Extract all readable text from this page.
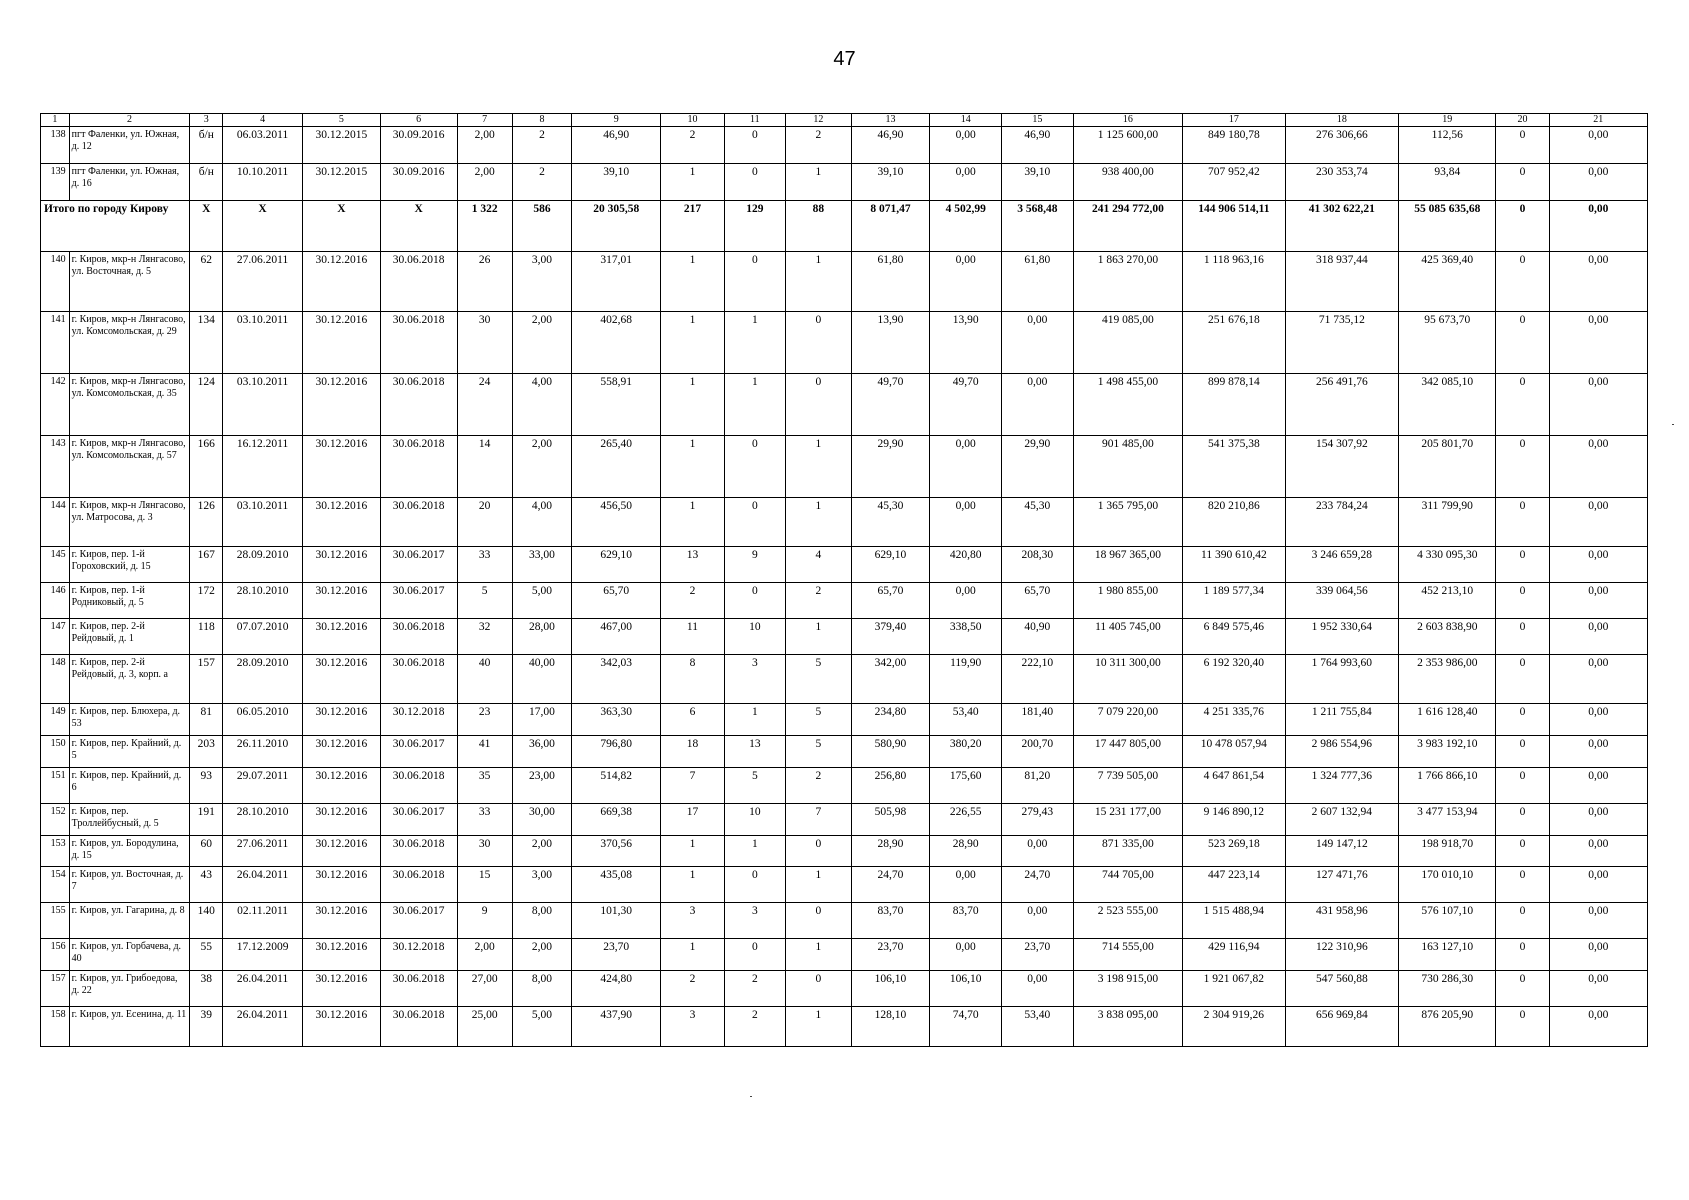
47
1	2	3	4	5	6	7	8	9	10	11	12	13	14	15	16	17	18	19	20	21
138	пгт Фаленки, ул. Южная, д. 12	б/н	06.03.2011	30.12.2015	30.09.2016	2,00	2	46,90	2	0	2	46,90	0,00	46,90	1 125 600,00	849 180,78	276 306,66	112,56	0	0,00
139	пгт Фаленки, ул. Южная, д. 16	б/н	10.10.2011	30.12.2015	30.09.2016	2,00	2	39,10	1	0	1	39,10	0,00	39,10	938 400,00	707 952,42	230 353,74	93,84	0	0,00
Итого по городу Кирову		X	X	X	X	1 322	586	20 305,58	217	129	88	8 071,47	4 502,99	3 568,48	241 294 772,00	144 906 514,11	41 302 622,21	55 085 635,68	0	0,00
140	г. Киров, мкр-н Лянгасово, ул. Восточная, д. 5	62	27.06.2011	30.12.2016	30.06.2018	26	3,00	317,01	1	0	1	61,80	0,00	61,80	1 863 270,00	1 118 963,16	318 937,44	425 369,40	0	0,00
141	г. Киров, мкр-н Лянгасово, ул. Комсомольская, д. 29	134	03.10.2011	30.12.2016	30.06.2018	30	2,00	402,68	1	1	0	13,90	13,90	0,00	419 085,00	251 676,18	71 735,12	95 673,70	0	0,00
142	г. Киров, мкр-н Лянгасово, ул. Комсомольская, д. 35	124	03.10.2011	30.12.2016	30.06.2018	24	4,00	558,91	1	1	0	49,70	49,70	0,00	1 498 455,00	899 878,14	256 491,76	342 085,10	0	0,00
143	г. Киров, мкр-н Лянгасово, ул. Комсомольская, д. 57	166	16.12.2011	30.12.2016	30.06.2018	14	2,00	265,40	1	0	1	29,90	0,00	29,90	901 485,00	541 375,38	154 307,92	205 801,70	0	0,00
144	г. Киров, мкр-н Лянгасово, ул. Матросова, д. 3	126	03.10.2011	30.12.2016	30.06.2018	20	4,00	456,50	1	0	1	45,30	0,00	45,30	1 365 795,00	820 210,86	233 784,24	311 799,90	0	0,00
145	г. Киров, пер. 1-й Гороховский, д. 15	167	28.09.2010	30.12.2016	30.06.2017	33	33,00	629,10	13	9	4	629,10	420,80	208,30	18 967 365,00	11 390 610,42	3 246 659,28	4 330 095,30	0	0,00
146	г. Киров, пер. 1-й Родниковый, д. 5	172	28.10.2010	30.12.2016	30.06.2017	5	5,00	65,70	2	0	2	65,70	0,00	65,70	1 980 855,00	1 189 577,34	339 064,56	452 213,10	0	0,00
147	г. Киров, пер. 2-й Рейдовый, д. 1	118	07.07.2010	30.12.2016	30.06.2018	32	28,00	467,00	11	10	1	379,40	338,50	40,90	11 405 745,00	6 849 575,46	1 952 330,64	2 603 838,90	0	0,00
148	г. Киров, пер. 2-й Рейдовый, д. 3, корп. а	157	28.09.2010	30.12.2016	30.06.2018	40	40,00	342,03	8	3	5	342,00	119,90	222,10	10 311 300,00	6 192 320,40	1 764 993,60	2 353 986,00	0	0,00
149	г. Киров, пер. Блюхера, д. 53	81	06.05.2010	30.12.2016	30.12.2018	23	17,00	363,30	6	1	5	234,80	53,40	181,40	7 079 220,00	4 251 335,76	1 211 755,84	1 616 128,40	0	0,00
150	г. Киров, пер. Крайний, д. 5	203	26.11.2010	30.12.2016	30.06.2017	41	36,00	796,80	18	13	5	580,90	380,20	200,70	17 447 805,00	10 478 057,94	2 986 554,96	3 983 192,10	0	0,00
151	г. Киров, пер. Крайний, д. 6	93	29.07.2011	30.12.2016	30.06.2018	35	23,00	514,82	7	5	2	256,80	175,60	81,20	7 739 505,00	4 647 861,54	1 324 777,36	1 766 866,10	0	0,00
152	г. Киров, пер. Троллейбусный, д. 5	191	28.10.2010	30.12.2016	30.06.2017	33	30,00	669,38	17	10	7	505,98	226,55	279,43	15 231 177,00	9 146 890,12	2 607 132,94	3 477 153,94	0	0,00
153	г. Киров, ул. Бородулина, д. 15	60	27.06.2011	30.12.2016	30.06.2018	30	2,00	370,56	1	1	0	28,90	28,90	0,00	871 335,00	523 269,18	149 147,12	198 918,70	0	0,00
154	г. Киров, ул. Восточная, д. 7	43	26.04.2011	30.12.2016	30.06.2018	15	3,00	435,08	1	0	1	24,70	0,00	24,70	744 705,00	447 223,14	127 471,76	170 010,10	0	0,00
155	г. Киров, ул. Гагарина, д. 8	140	02.11.2011	30.12.2016	30.06.2017	9	8,00	101,30	3	3	0	83,70	83,70	0,00	2 523 555,00	1 515 488,94	431 958,96	576 107,10	0	0,00
156	г. Киров, ул. Горбачева, д. 40	55	17.12.2009	30.12.2016	30.12.2018	2,00	2,00	23,70	1	0	1	23,70	0,00	23,70	714 555,00	429 116,94	122 310,96	163 127,10	0	0,00
157	г. Киров, ул. Грибоедова, д. 22	38	26.04.2011	30.12.2016	30.06.2018	27,00	8,00	424,80	2	2	0	106,10	106,10	0,00	3 198 915,00	1 921 067,82	547 560,88	730 286,30	0	0,00
158	г. Киров, ул. Есенина, д. 11	39	26.04.2011	30.12.2016	30.06.2018	25,00	5,00	437,90	3	2	1	128,10	74,70	53,40	3 838 095,00	2 304 919,26	656 969,84	876 205,90	0	0,00
